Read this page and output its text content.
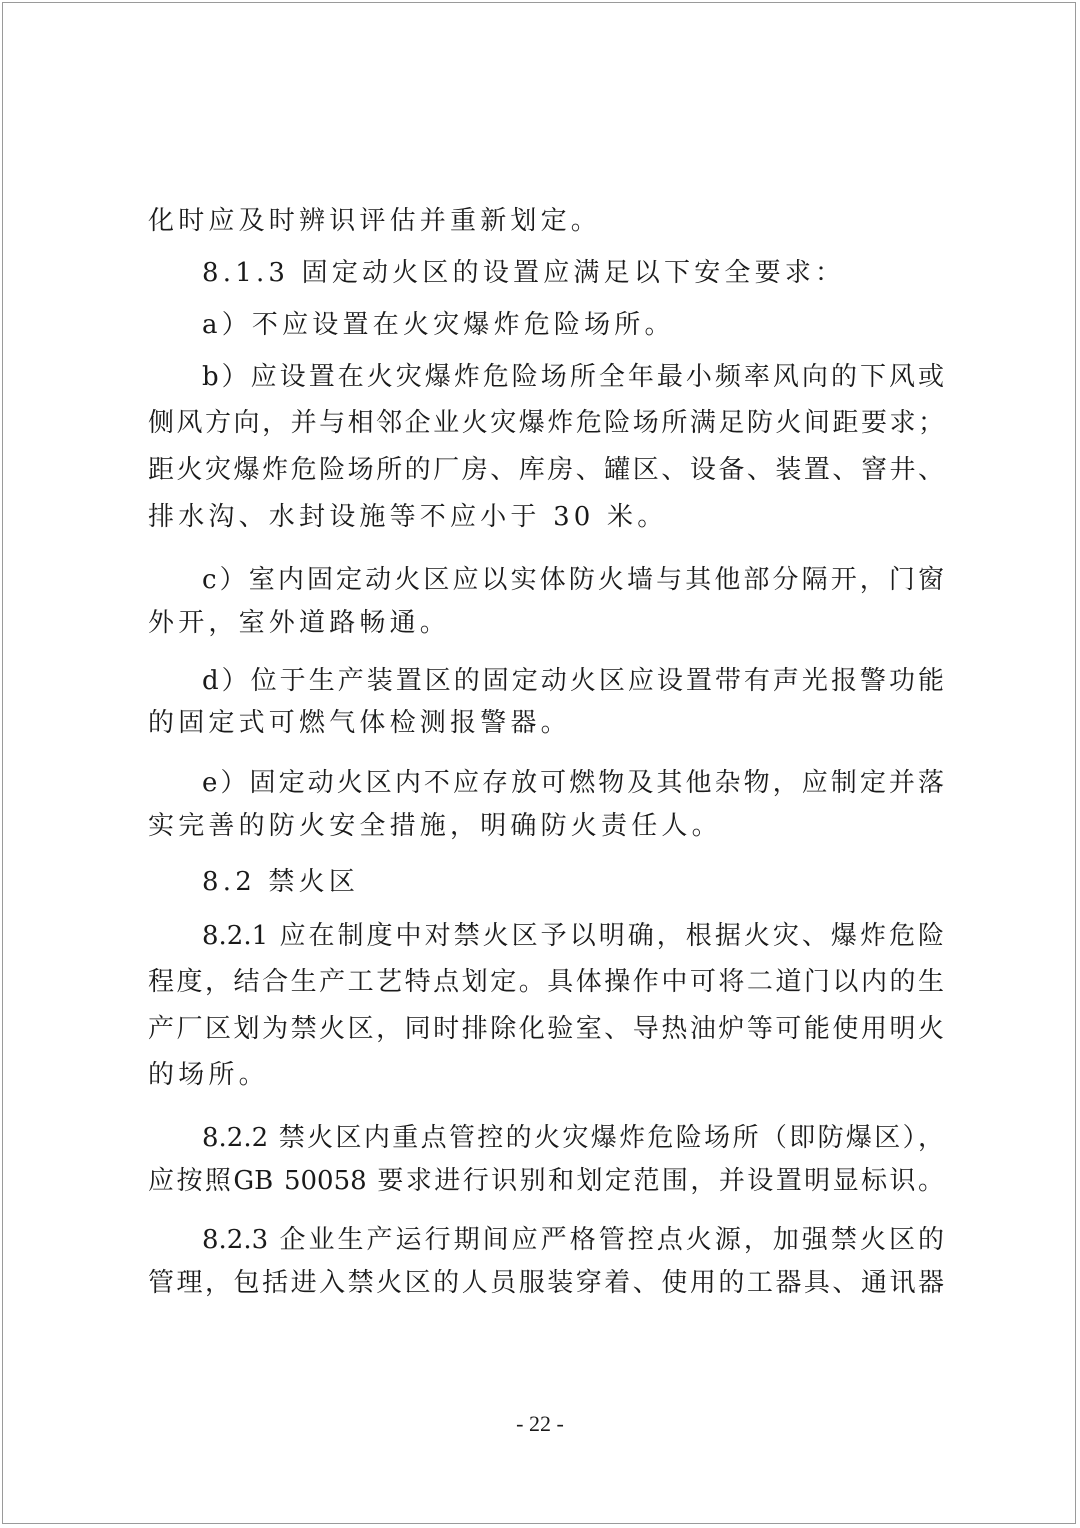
化时应及时辨识评估并重新划定。
8.1.3 固定动火区的设置应满足以下安全要求：
a）不应设置在火灾爆炸危险场所。
b）应设置在火灾爆炸危险场所全年最小频率风向的下风或
侧风方向，并与相邻企业火灾爆炸危险场所满足防火间距要求；
距火灾爆炸危险场所的厂房、库房、罐区、设备、装置、窨井、
排水沟、水封设施等不应小于 30 米。
c）室内固定动火区应以实体防火墙与其他部分隔开，门窗
外开，室外道路畅通。
d）位于生产装置区的固定动火区应设置带有声光报警功能
的固定式可燃气体检测报警器。
e）固定动火区内不应存放可燃物及其他杂物，应制定并落
实完善的防火安全措施，明确防火责任人。
8.2 禁火区
8.2.1 应在制度中对禁火区予以明确，根据火灾、爆炸危险
程度，结合生产工艺特点划定。具体操作中可将二道门以内的生
产厂区划为禁火区，同时排除化验室、导热油炉等可能使用明火
的场所。
8.2.2 禁火区内重点管控的火灾爆炸危险场所（即防爆区），
应按照GB 50058 要求进行识别和划定范围，并设置明显标识。
8.2.3 企业生产运行期间应严格管控点火源，加强禁火区的
管理，包括进入禁火区的人员服装穿着、使用的工器具、通讯器
- 22 -
